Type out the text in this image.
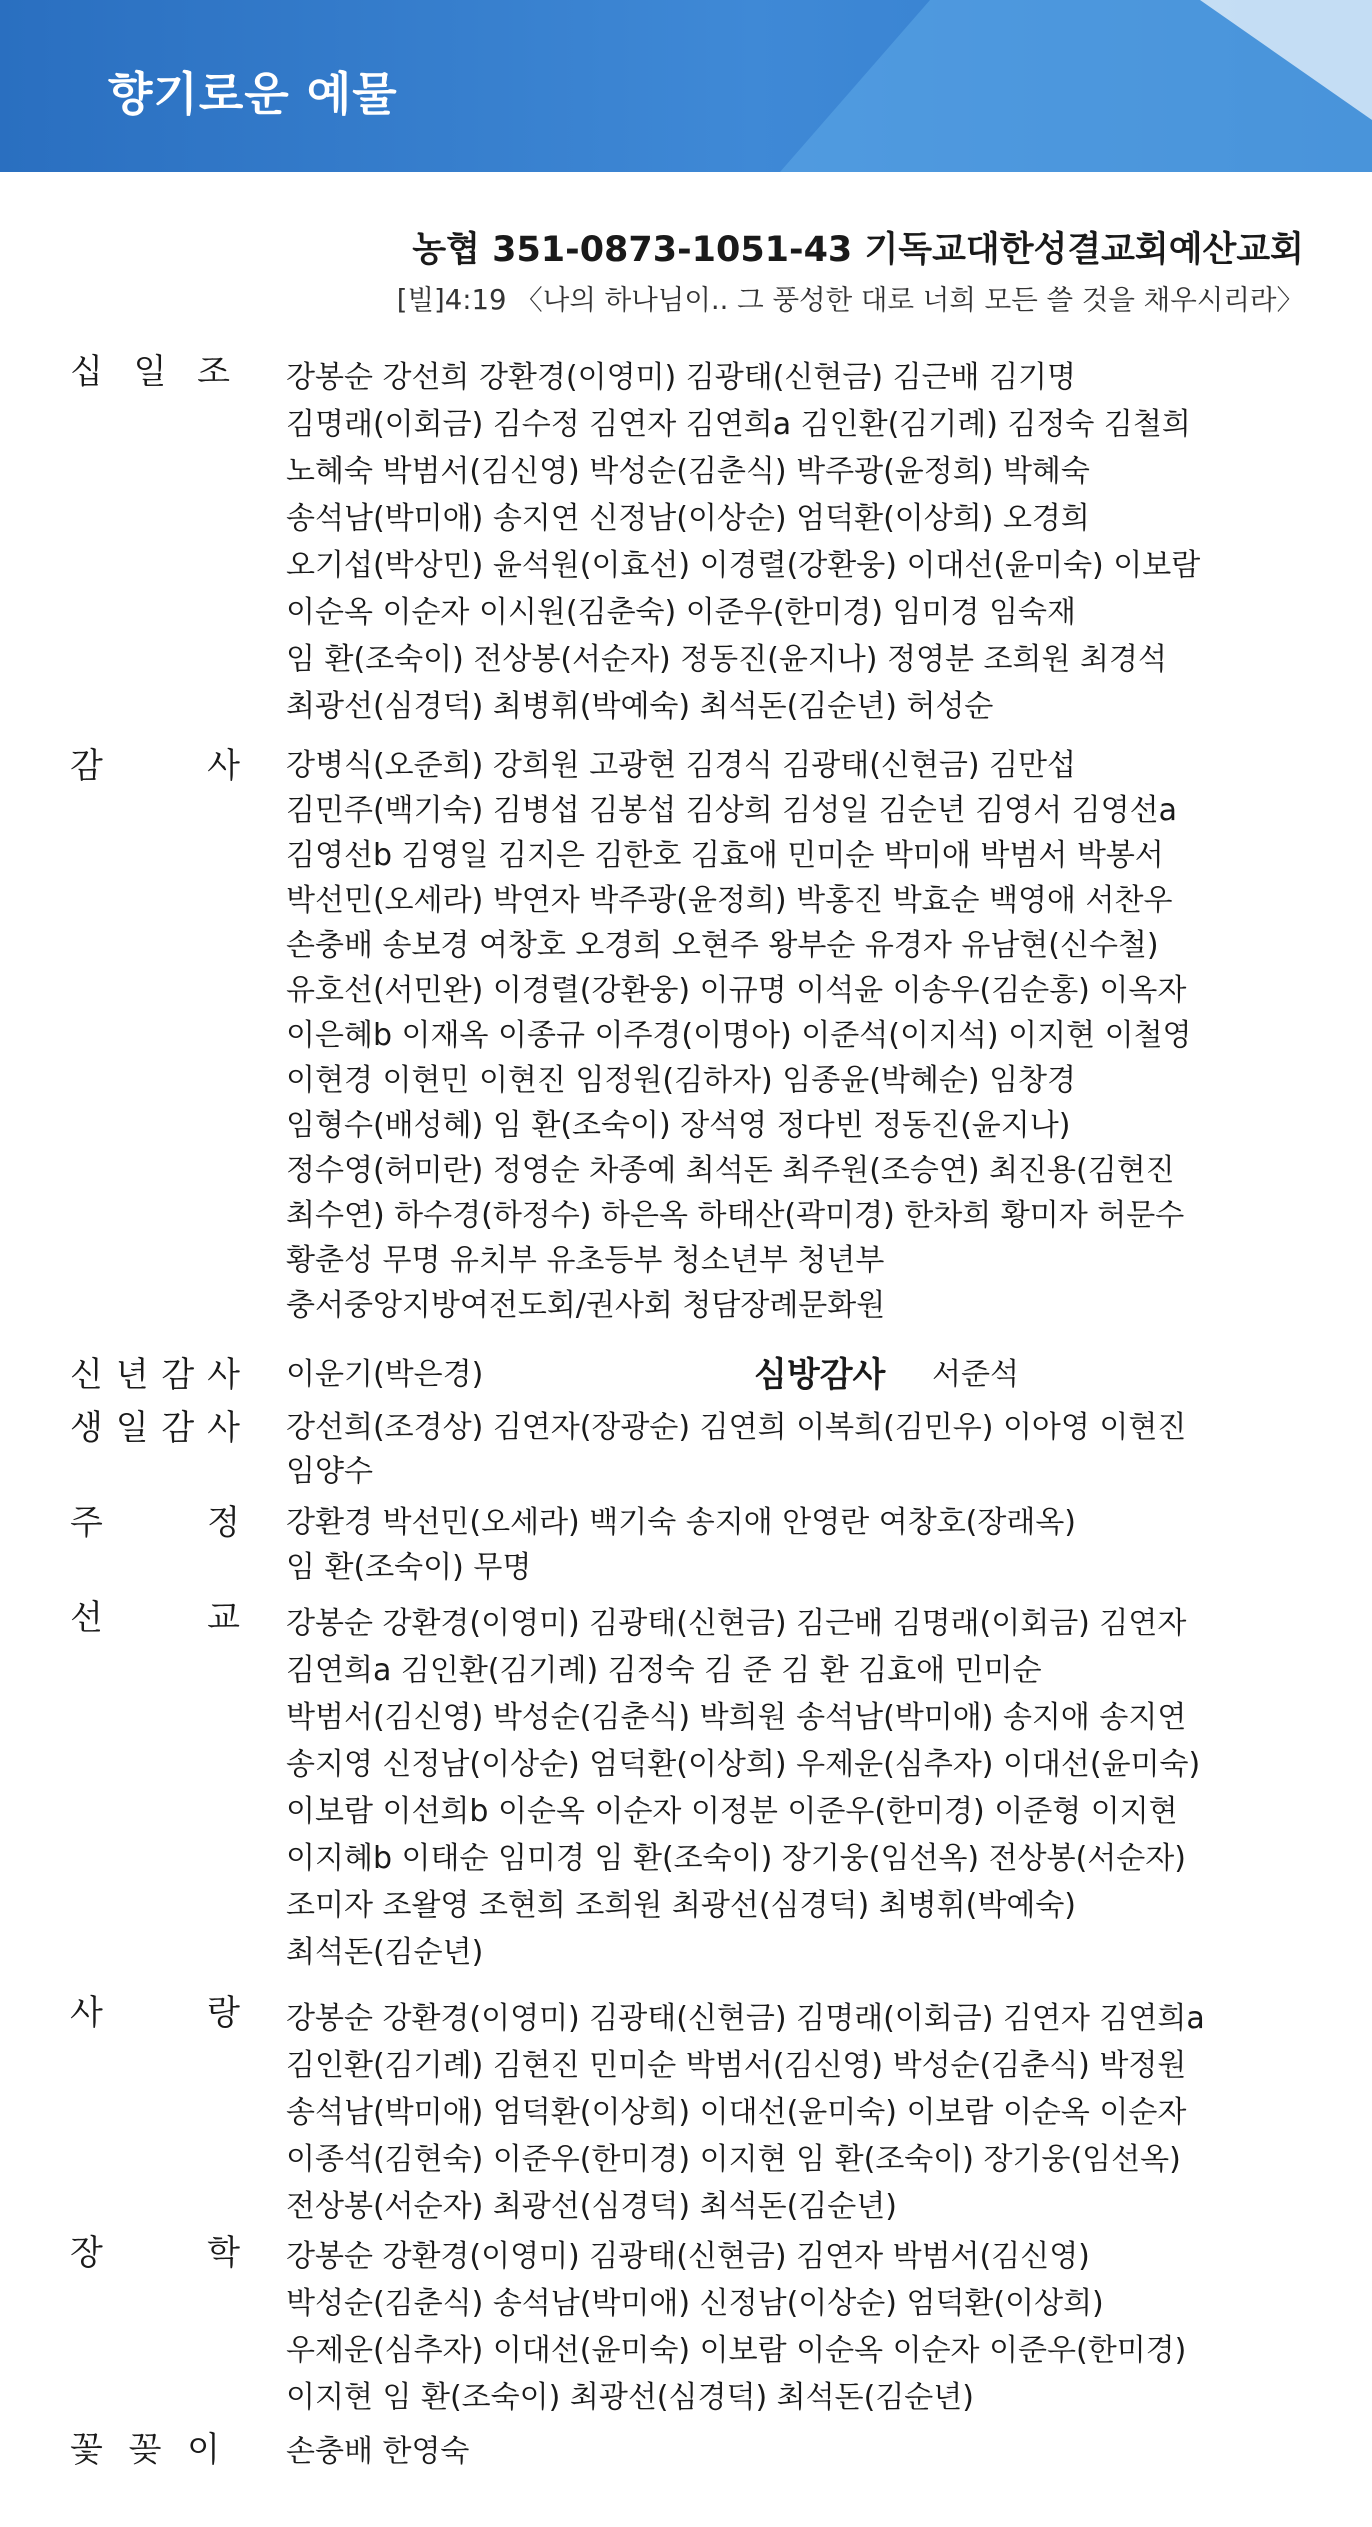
향기로운 예물
농협 351-0873-1051-43 기독교대한성결교회예산교회
[빌]4:19 〈나의 하나님이.. 그 풍성한 대로 너희 모든 쓸 것을 채우시리라〉
십 일 조 강봉순 강선희 강환경(이영미) 김광태(신현금) 김근배 김기명
김명래(이회금) 김수정 김연자 김연희a 김인환(김기례) 김정숙 김철희
노혜숙 박범서(김신영) 박성순(김춘식) 박주광(윤정희) 박혜숙
송석남(박미애) 송지연 신정남(이상순) 엄덕환(이상희) 오경희
오기섭(박상민) 윤석원(이효선) 이경렬(강환웅) 이대선(윤미숙) 이보람
이순옥 이순자 이시원(김춘숙) 이준우(한미경) 임미경 임숙재
임 환(조숙이) 전상봉(서순자) 정동진(윤지나) 정영분 조희원 최경석
최광선(심경덕) 최병휘(박예숙) 최석돈(김순년) 허성순
감	사 강병식(오준희) 강희원 고광현 김경식 김광태(신현금) 김만섭
김민주(백기숙) 김병섭 김봉섭 김상희 김성일 김순년 김영서 김영선a
김영선b 김영일 김지은 김한호 김효애 민미순 박미애 박범서 박봉서
박선민(오세라) 박연자 박주광(윤정희) 박홍진 박효순 백영애 서찬우
손충배 송보경 여창호 오경희 오현주 왕부순 유경자 유남현(신수철)
유호선(서민완) 이경렬(강환웅) 이규명 이석윤 이송우(김순홍) 이옥자
이은혜b 이재옥 이종규 이주경(이명아) 이준석(이지석) 이지현 이철영
이현경 이현민 이현진 임정원(김하자) 임종윤(박혜순) 임창경
임형수(배성혜) 임 환(조숙이) 장석영 정다빈 정동진(윤지나)
정수영(허미란) 정영순 차종예 최석돈 최주원(조승연) 최진용(김현진
최수연) 하수경(하정수) 하은옥 하태산(곽미경) 한차희 황미자 허문수
황춘성 무명 유치부 유초등부 청소년부 청년부
충서중앙지방여전도회/권사회 청담장례문화원
신 년 감 사 이운기(박은경)	심방감사 서준석
생 일 감 사 강선희(조경상) 김연자(장광순) 김연희 이복희(김민우) 이아영 이현진
임양수
주	정 강환경 박선민(오세라) 백기숙 송지애 안영란 여창호(장래옥)
임 환(조숙이) 무명
선	교 강봉순 강환경(이영미) 김광태(신현금) 김근배 김명래(이회금) 김연자
김연희a 김인환(김기례) 김정숙 김 준 김 환 김효애 민미순
박범서(김신영) 박성순(김춘식) 박희원 송석남(박미애) 송지애 송지연
송지영 신정남(이상순) 엄덕환(이상희) 우제운(심추자) 이대선(윤미숙)
이보람 이선희b 이순옥 이순자 이정분 이준우(한미경) 이준형 이지현
이지혜b 이태순 임미경 임 환(조숙이) 장기웅(임선옥) 전상봉(서순자)
조미자 조왈영 조현희 조희원 최광선(심경덕) 최병휘(박예숙)
최석돈(김순년)
사	랑 강봉순 강환경(이영미) 김광태(신현금) 김명래(이회금) 김연자 김연희a
김인환(김기례) 김현진 민미순 박범서(김신영) 박성순(김춘식) 박정원
송석남(박미애) 엄덕환(이상희) 이대선(윤미숙) 이보람 이순옥 이순자
이종석(김현숙) 이준우(한미경) 이지현 임 환(조숙이) 장기웅(임선옥)
전상봉(서순자) 최광선(심경덕) 최석돈(김순년)
장	학 강봉순 강환경(이영미) 김광태(신현금) 김연자 박범서(김신영)
박성순(김춘식) 송석남(박미애) 신정남(이상순) 엄덕환(이상희)
우제운(심추자) 이대선(윤미숙) 이보람 이순옥 이순자 이준우(한미경)
이지현 임 환(조숙이) 최광선(심경덕) 최석돈(김순년)
꽃 꽂 이 손충배 한영숙
